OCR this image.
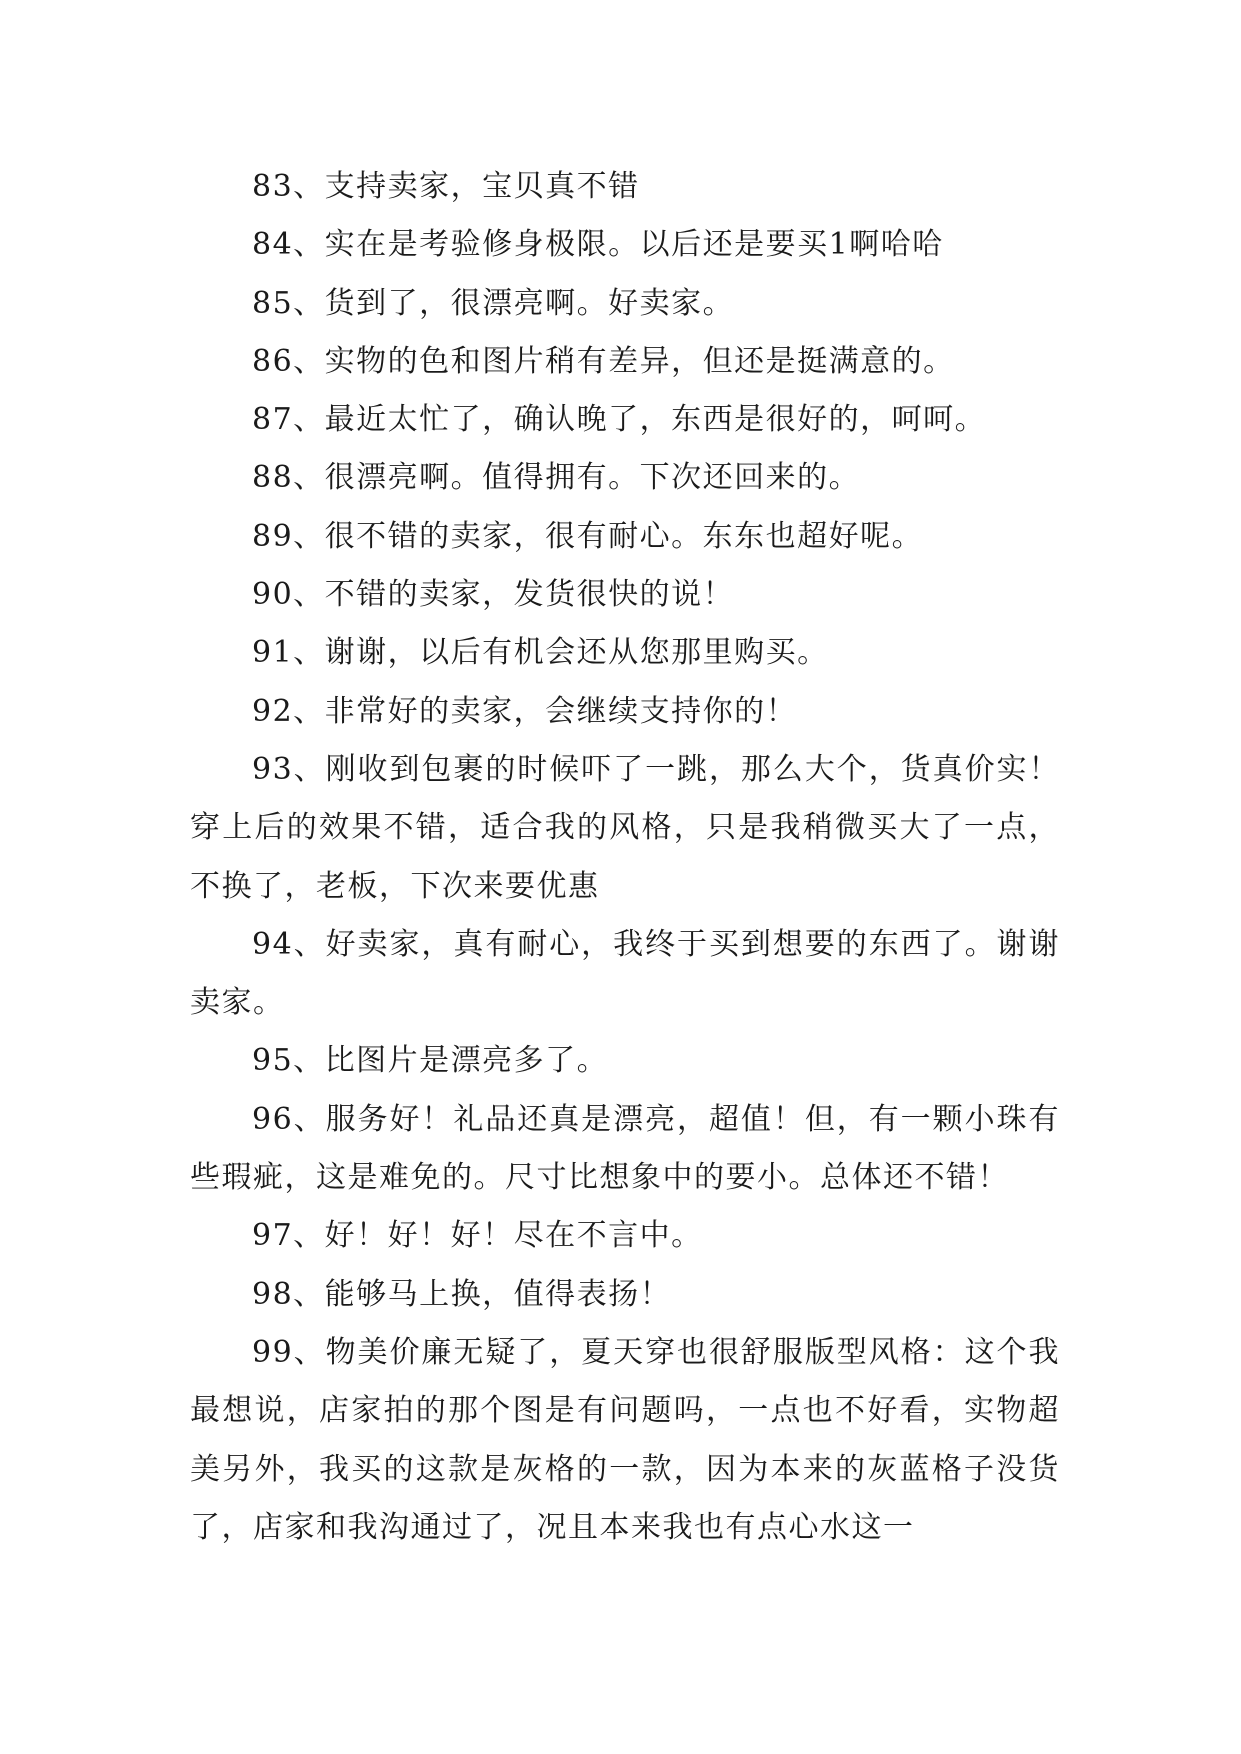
83、支持卖家，宝贝真不错

84、实在是考验修身极限。以后还是要买1啊哈哈

85、货到了，很漂亮啊。好卖家。

86、实物的色和图片稍有差异，但还是挺满意的。

87、最近太忙了，确认晚了，东西是很好的，呵呵。

88、很漂亮啊。值得拥有。下次还回来的。

89、很不错的卖家，很有耐心。东东也超好呢。

90、不错的卖家，发货很快的说！

91、谢谢，以后有机会还从您那里购买。

92、非常好的卖家，会继续支持你的！

93、刚收到包裹的时候吓了一跳，那么大个，货真价实！穿上后的效果不错，适合我的风格，只是我稍微买大了一点，不换了，老板，下次来要优惠

94、好卖家，真有耐心，我终于买到想要的东西了。谢谢卖家。

95、比图片是漂亮多了。

96、服务好！礼品还真是漂亮，超值！但，有一颗小珠有些瑕疵，这是难免的。尺寸比想象中的要小。总体还不错！

97、好！好！好！尽在不言中。

98、能够马上换，值得表扬！

99、物美价廉无疑了，夏天穿也很舒服版型风格：这个我最想说，店家拍的那个图是有问题吗，一点也不好看，实物超美另外，我买的这款是灰格的一款，因为本来的灰蓝格子没货了，店家和我沟通过了，况且本来我也有点心水这一
